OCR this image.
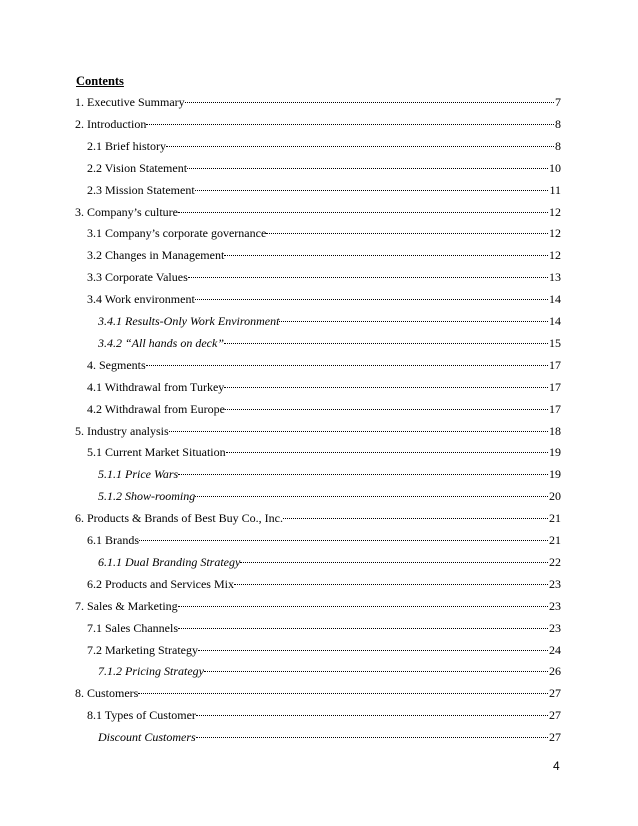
Contents
1. Executive Summary	7
2. Introduction	8
2.1 Brief history	8
2.2 Vision Statement	10
2.3 Mission Statement	11
3. Company’s culture	12
3.1 Company’s corporate governance	12
3.2 Changes in Management	12
3.3 Corporate Values	13
3.4 Work environment	14
3.4.1 Results-Only Work Environment	14
3.4.2 “All hands on deck”	15
4. Segments	17
4.1 Withdrawal from Turkey	17
4.2 Withdrawal from Europe	17
5. Industry analysis	18
5.1 Current Market Situation	19
5.1.1 Price Wars	19
5.1.2 Show-rooming	20
6. Products & Brands of Best Buy Co., Inc.	21
6.1 Brands	21
6.1.1 Dual Branding Strategy	22
6.2 Products and Services Mix	23
7. Sales & Marketing	23
7.1 Sales Channels	23
7.2 Marketing Strategy	24
7.1.2 Pricing Strategy	26
8. Customers	27
8.1 Types of Customer	27
Discount Customers	27
4
